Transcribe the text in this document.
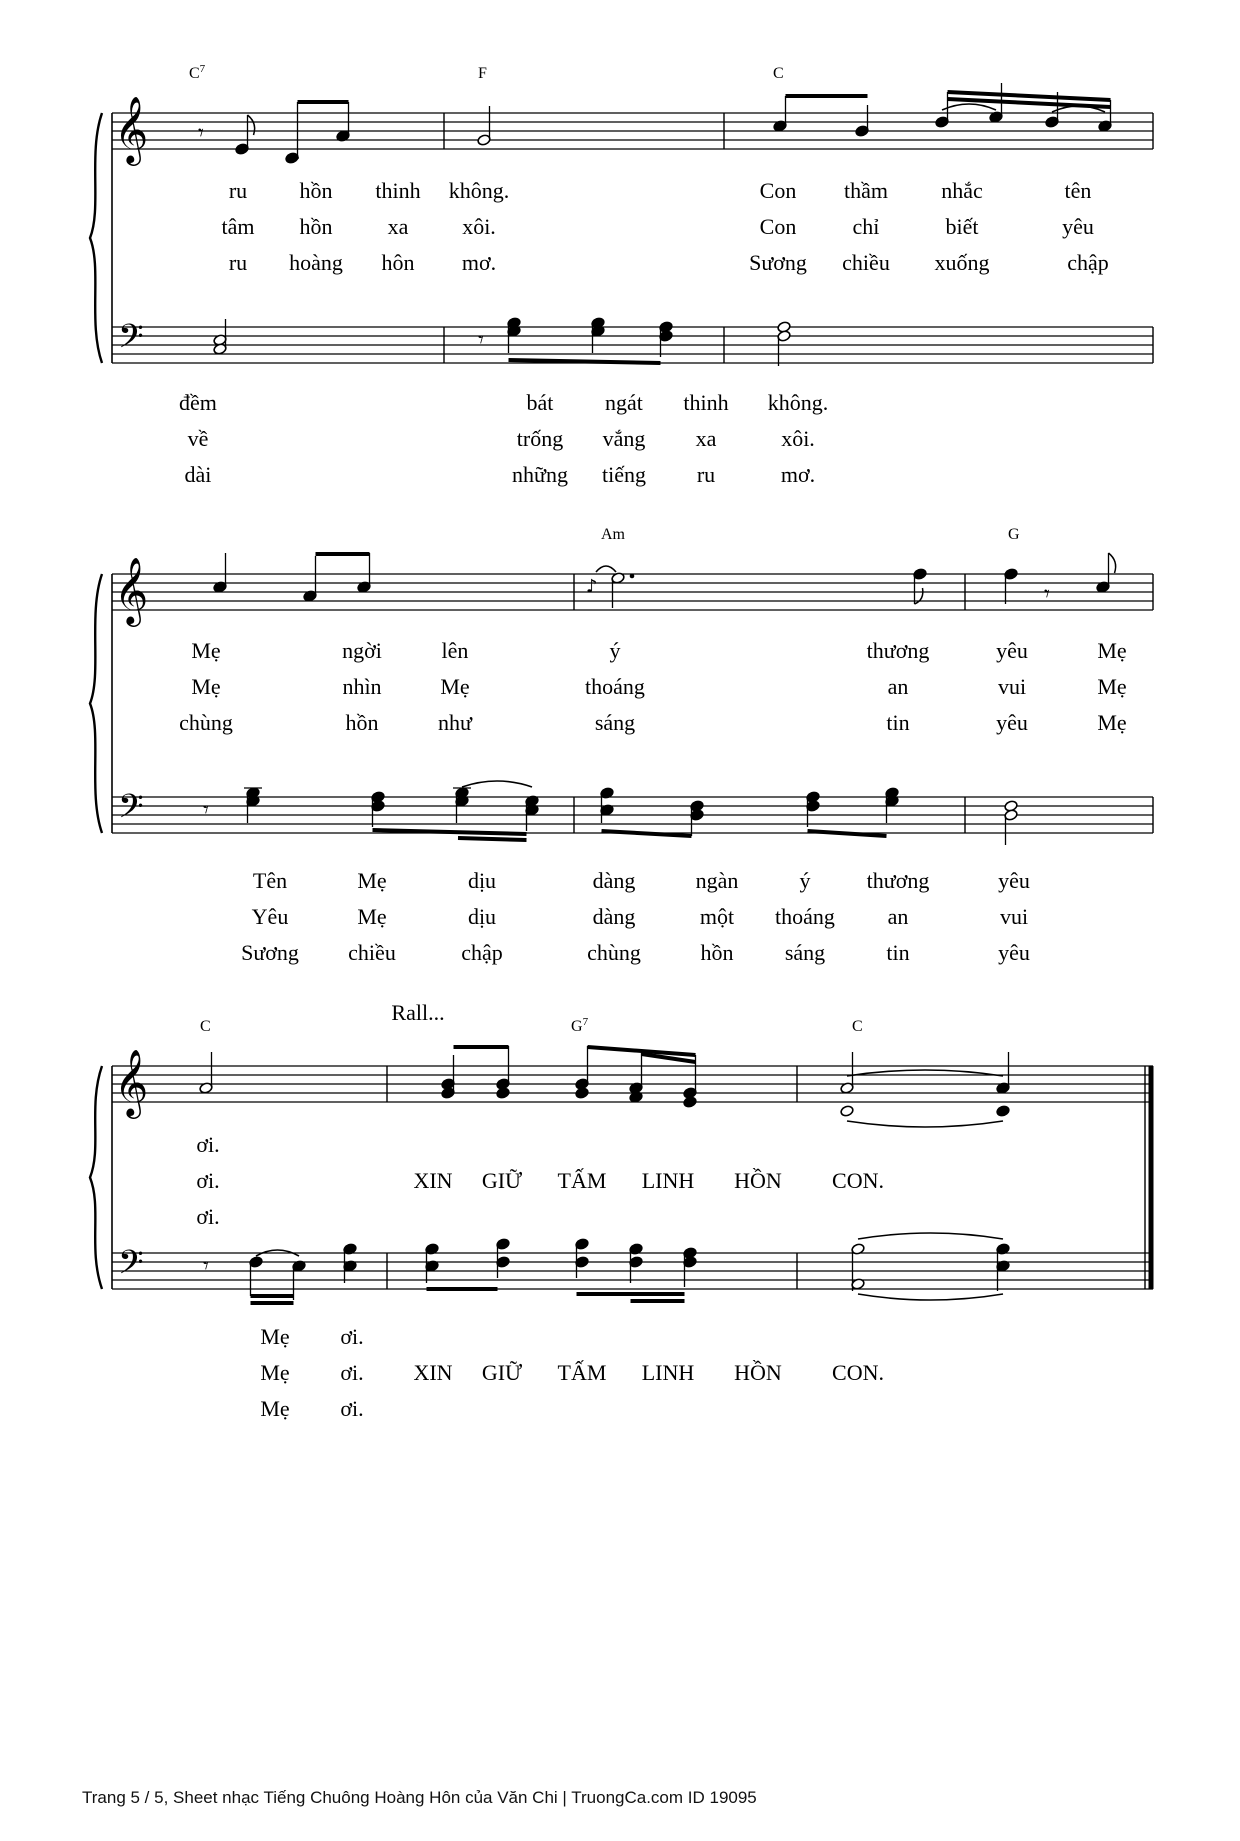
𝄞
𝄢
𝄞
𝄢
𝄞
𝄢
𝄾
𝄾
♪	𝄾
𝄾
𝄾
$C^7$	F	C
ru hồn thinh không.	Con thầm nhắc	tên
tâm hồn	xa xôi.	Con	chỉ	biết	yêu
ru hoàng hôn mơ.	Sương chiều xuống	chập
đềm	bát ngát thinh không.
về	trống vắng xa	xôi.
dài	những tiếng ru	mơ.
Am	G
Mẹ	ngời	lên	ý	thương	yêu	Mẹ
Mẹ	nhìn	Mẹ	thoáng	an	vui	Mẹ
chùng	hồn	như	sáng	tin	yêu	Mẹ
Tên	Mẹ	dịu	dàng	ngàn	ý	thương	yêu
Yêu	Mẹ	dịu	dàng	một thoáng an	vui
Sương chiều	chập	chùng	hồn sáng	tin	yêu
C	$G^7$	C
ơi.
ơi.	XIN GIỮ TẤM LINH HỒN CON.
ơi.
Mẹ ơi.
Mẹ ơi. XIN GIỮ TẤM LINH HỒN CON.
Mẹ ơi.
Rall...
Trang 5 / 5, Sheet nhạc Tiếng Chuông Hoàng Hôn của Văn Chi | TruongCa.com ID 19095
